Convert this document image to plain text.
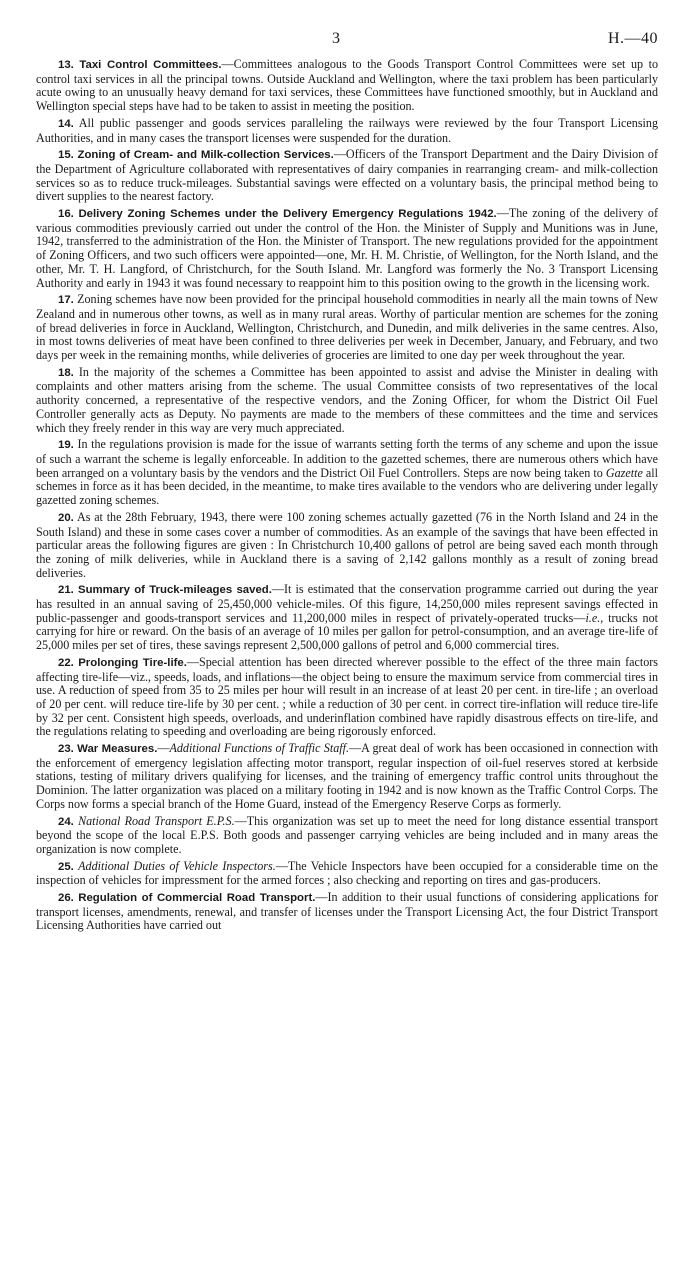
3	H.—40

13. Taxi Control Committees.—Committees analogous to the Goods Transport Control Committees were set up to control taxi services in all the principal towns. Outside Auckland and Wellington, where the taxi problem has been particularly acute owing to an unusually heavy demand for taxi services, these Committees have functioned smoothly, but in Auckland and Wellington special steps have had to be taken to assist in meeting the position.

14. All public passenger and goods services paralleling the railways were reviewed by the four Transport Licensing Authorities, and in many cases the transport licenses were suspended for the duration.

15. Zoning of Cream- and Milk-collection Services.—Officers of the Transport Department and the Dairy Division of the Department of Agriculture collaborated with representatives of dairy companies in rearranging cream- and milk-collection services so as to reduce truck-mileages. Substantial savings were effected on a voluntary basis, the principal method being to divert supplies to the nearest factory.

16. Delivery Zoning Schemes under the Delivery Emergency Regulations 1942.—The zoning of the delivery of various commodities previously carried out under the control of the Hon. the Minister of Supply and Munitions was in June, 1942, transferred to the administration of the Hon. the Minister of Transport. The new regulations provided for the appointment of Zoning Officers, and two such officers were appointed—one, Mr. H. M. Christie, of Wellington, for the North Island, and the other, Mr. T. H. Langford, of Christchurch, for the South Island. Mr. Langford was formerly the No. 3 Transport Licensing Authority and early in 1943 it was found necessary to reappoint him to this position owing to the growth in the licensing work.

17. Zoning schemes have now been provided for the principal household commodities in nearly all the main towns of New Zealand and in numerous other towns, as well as in many rural areas. Worthy of particular mention are schemes for the zoning of bread deliveries in force in Auckland, Wellington, Christchurch, and Dunedin, and milk deliveries in the same centres. Also, in most towns deliveries of meat have been confined to three deliveries per week in December, January, and February, and two days per week in the remaining months, while deliveries of groceries are limited to one day per week throughout the year.

18. In the majority of the schemes a Committee has been appointed to assist and advise the Minister in dealing with complaints and other matters arising from the scheme. The usual Committee consists of two representatives of the local authority concerned, a representative of the respective vendors, and the Zoning Officer, for whom the District Oil Fuel Controller generally acts as Deputy. No payments are made to the members of these committees and the time and services which they freely render in this way are very much appreciated.

19. In the regulations provision is made for the issue of warrants setting forth the terms of any scheme and upon the issue of such a warrant the scheme is legally enforceable. In addition to the gazetted schemes, there are numerous others which have been arranged on a voluntary basis by the vendors and the District Oil Fuel Controllers. Steps are now being taken to Gazette all schemes in force as it has been decided, in the meantime, to make tires available to the vendors who are delivering under legally gazetted zoning schemes.

20. As at the 28th February, 1943, there were 100 zoning schemes actually gazetted (76 in the North Island and 24 in the South Island) and these in some cases cover a number of commodities. As an example of the savings that have been effected in particular areas the following figures are given : In Christchurch 10,400 gallons of petrol are being saved each month through the zoning of milk deliveries, while in Auckland there is a saving of 2,142 gallons monthly as a result of zoning bread deliveries.

21. Summary of Truck-mileages saved.—It is estimated that the conservation programme carried out during the year has resulted in an annual saving of 25,450,000 vehicle-miles. Of this figure, 14,250,000 miles represent savings effected in public-passenger and goods-transport services and 11,200,000 miles in respect of privately-operated trucks—i.e., trucks not carrying for hire or reward. On the basis of an average of 10 miles per gallon for petrol-consumption, and an average tire-life of 25,000 miles per set of tires, these savings represent 2,500,000 gallons of petrol and 6,000 commercial tires.

22. Prolonging Tire-life.—Special attention has been directed wherever possible to the effect of the three main factors affecting tire-life—viz., speeds, loads, and inflations—the object being to ensure the maximum service from commercial tires in use. A reduction of speed from 35 to 25 miles per hour will result in an increase of at least 20 per cent. in tire-life ; an overload of 20 per cent. will reduce tire-life by 30 per cent. ; while a reduction of 30 per cent. in correct tire-inflation will reduce tire-life by 32 per cent. Consistent high speeds, overloads, and underinflation combined have rapidly disastrous effects on tire-life, and the regulations relating to speeding and overloading are being rigorously enforced.

23. War Measures.—Additional Functions of Traffic Staff.—A great deal of work has been occasioned in connection with the enforcement of emergency legislation affecting motor transport, regular inspection of oil-fuel reserves stored at kerbside stations, testing of military drivers qualifying for licenses, and the training of emergency traffic control units throughout the Dominion. The latter organization was placed on a military footing in 1942 and is now known as the Traffic Control Corps. The Corps now forms a special branch of the Home Guard, instead of the Emergency Reserve Corps as formerly.

24. National Road Transport E.P.S.—This organization was set up to meet the need for long distance essential transport beyond the scope of the local E.P.S. Both goods and passenger carrying vehicles are being included and in many areas the organization is now complete.

25. Additional Duties of Vehicle Inspectors.—The Vehicle Inspectors have been occupied for a considerable time on the inspection of vehicles for impressment for the armed forces ; also checking and reporting on tires and gas-producers.

26. Regulation of Commercial Road Transport.—In addition to their usual functions of considering applications for transport licenses, amendments, renewal, and transfer of licenses under the Transport Licensing Act, the four District Transport Licensing Authorities have carried out
